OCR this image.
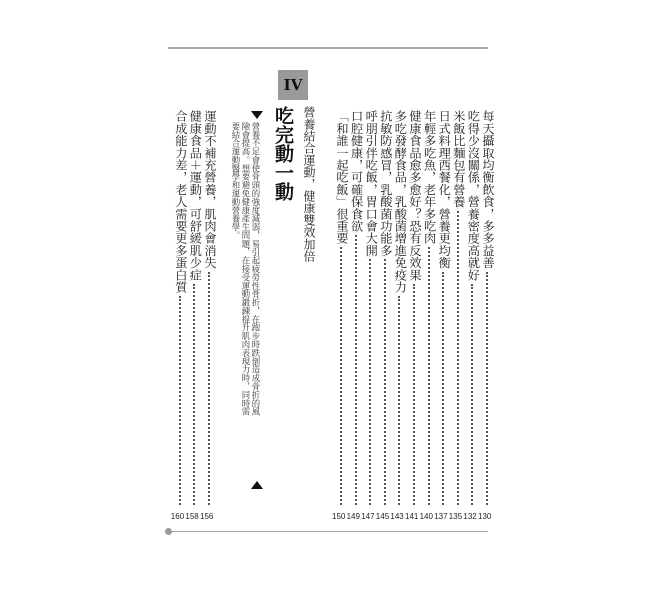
每天攝取均衡飲食，多多益善
130
吃得少沒關係，營養密度高就好
132
米飯比麵包有營養
135
日式料理西餐化，營養更均衡
137
年輕多吃魚，老年多吃肉
140
健康食品愈多愈好？恐有反效果
141
多吃發酵食品，乳酸菌增進免疫力
143
抗敏防感冒，乳酸菌功能多
145
呼朋引伴吃飯，胃口會大開
147
口腔健康，可確保食欲
149
「和誰一起吃飯」很重要
150
IV
營養結合運動，健康雙效加倍
吃完動一動
營養不足會使骨頭的強度減弱，易引起疲勞性骨折，在跑步時跌倒造成骨折的風
險會提高。想要避免健康產生問題，在接受運動鍛鍊提升肌肉表現力時，同時需
要結合運動醫學和運動營養學。
運動不補充營養，肌肉會消失
156
健康食品＋運動，可舒緩肌少症
158
合成能力差，老人需要更多蛋白質
160
